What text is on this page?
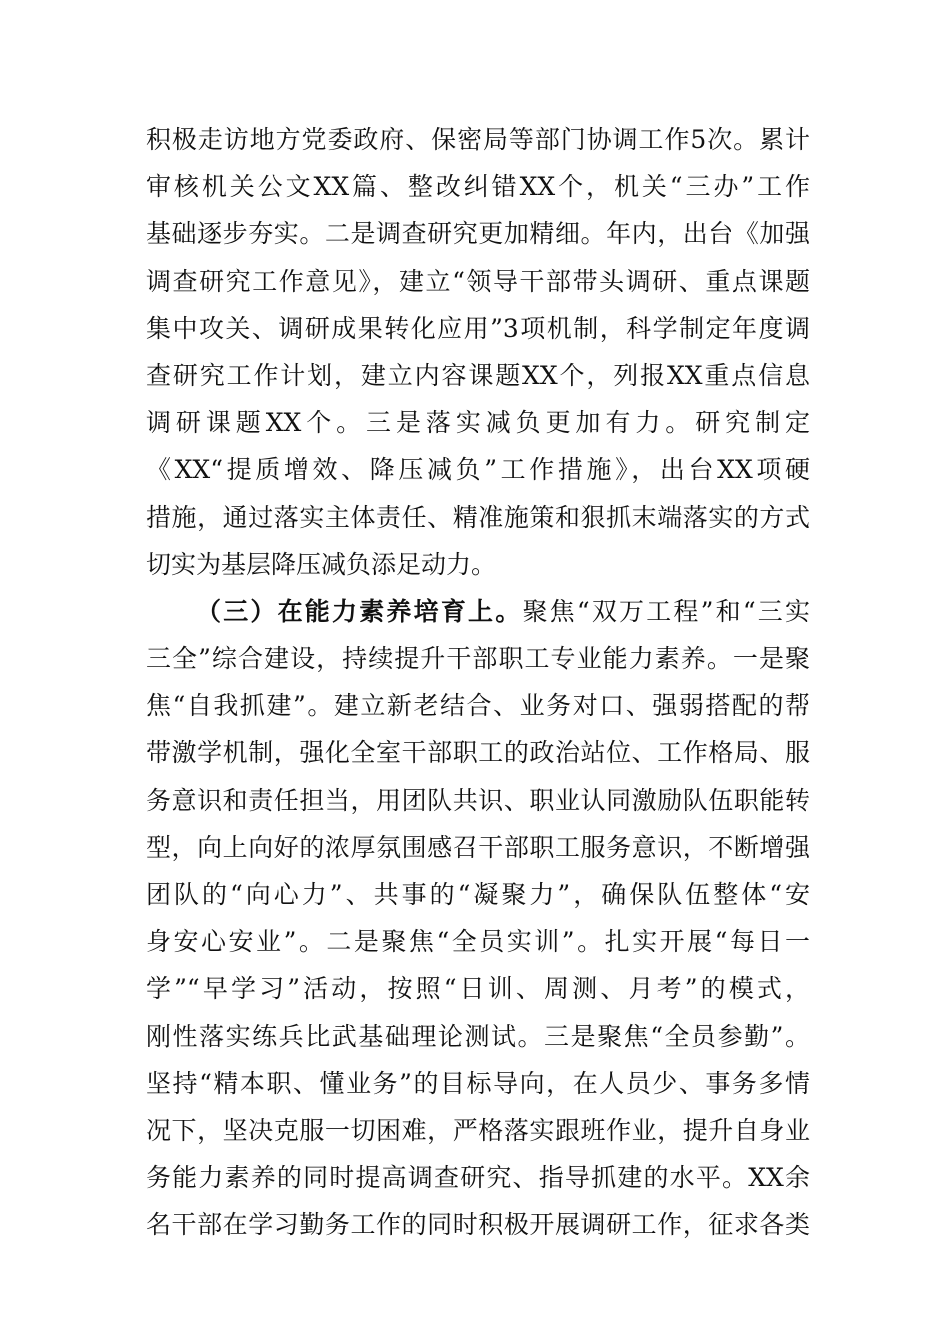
积极走访地方党委政府、保密局等部门协调工作5次。累计
审核机关公文XX篇、整改纠错XX个，机关“三办”工作
基础逐步夯实。二是调查研究更加精细。年内，出台《加强
调查研究工作意见》，建立“领导干部带头调研、重点课题
集中攻关、调研成果转化应用”3项机制，科学制定年度调
查研究工作计划，建立内容课题XX个，列报XX重点信息
调研课题XX个。三是落实减负更加有力。研究制定
《XX“提质增效、降压减负”工作措施》，出台XX项硬
措施，通过落实主体责任、精准施策和狠抓末端落实的方式
切实为基层降压减负添足动力。
（三）在能力素养培育上。聚焦“双万工程”和“三实
三全”综合建设，持续提升干部职工专业能力素养。一是聚
焦“自我抓建”。建立新老结合、业务对口、强弱搭配的帮
带激学机制，强化全室干部职工的政治站位、工作格局、服
务意识和责任担当，用团队共识、职业认同激励队伍职能转
型，向上向好的浓厚氛围感召干部职工服务意识，不断增强
团队的“向心力”、共事的“凝聚力”，确保队伍整体“安
身安心安业”。二是聚焦“全员实训”。扎实开展“每日一
学”“早学习”活动，按照“日训、周测、月考”的模式，
刚性落实练兵比武基础理论测试。三是聚焦“全员参勤”。
坚持“精本职、懂业务”的目标导向，在人员少、事务多情
况下，坚决克服一切困难，严格落实跟班作业，提升自身业
务能力素养的同时提高调查研究、指导抓建的水平。XX余
名干部在学习勤务工作的同时积极开展调研工作，征求各类
